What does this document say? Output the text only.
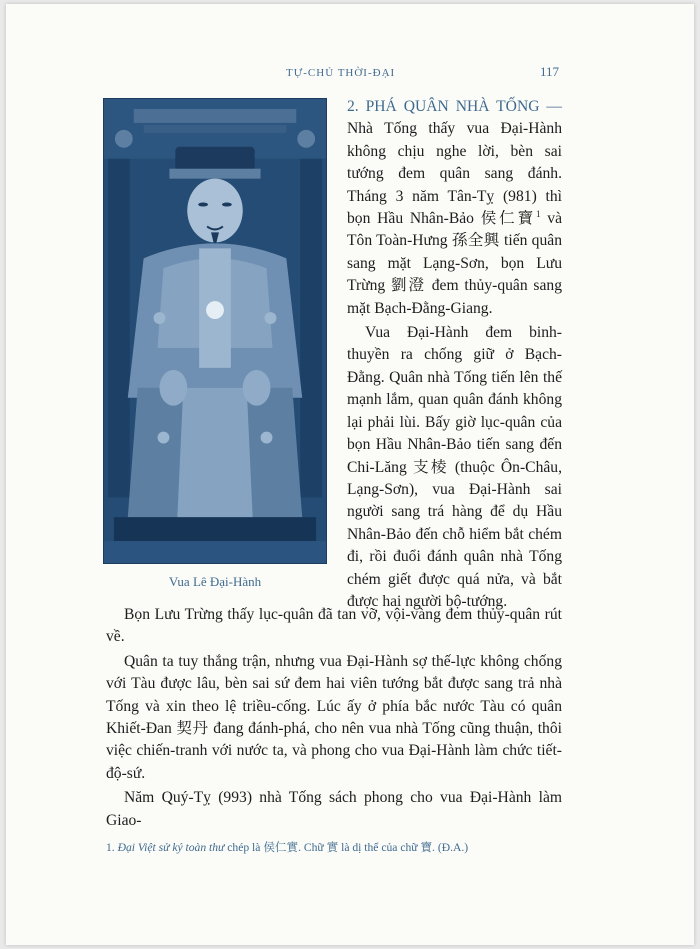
TỰ-CHỦ THỜI-ĐẠI	117
Vua Lê Đại-Hành

2. PHÁ QUÂN NHÀ TỐNG — Nhà Tống thấy vua Đại-Hành không chịu nghe lời, bèn sai tướng đem quân sang đánh. Tháng 3 năm Tân-Tỵ (981) thì bọn Hầu Nhân-Bảo 侯仁寶$^1$ và Tôn Toàn-Hưng 孫全興 tiến quân sang mặt Lạng-Sơn, bọn Lưu Trừng 劉澄 đem thủy-quân sang mặt Bạch-Đằng-Giang.

Vua Đại-Hành đem binh-thuyền ra chống giữ ở Bạch-Đằng. Quân nhà Tống tiến lên thế mạnh lắm, quan quân đánh không lại phải lùi. Bấy giờ lục-quân của bọn Hầu Nhân-Bảo tiến sang đến Chi-Lăng 支棱 (thuộc Ôn-Châu, Lạng-Sơn), vua Đại-Hành sai người sang trá hàng để dụ Hầu Nhân-Bảo đến chỗ hiểm bắt chém đi, rồi đuổi đánh quân nhà Tống chém giết được quá nửa, và bắt được hai người bộ-tướng.

Bọn Lưu Trừng thấy lục-quân đã tan vỡ, vội-vàng đem thủy-quân rút về.

Quân ta tuy thắng trận, nhưng vua Đại-Hành sợ thế-lực không chống với Tàu được lâu, bèn sai sứ đem hai viên tướng bắt được sang trả nhà Tống và xin theo lệ triều-cống. Lúc ấy ở phía bắc nước Tàu có quân Khiết-Đan 契丹 đang đánh-phá, cho nên vua nhà Tống cũng thuận, thôi việc chiến-tranh với nước ta, và phong cho vua Đại-Hành làm chức tiết-độ-sứ.

Năm Quý-Tỵ (993) nhà Tống sách phong cho vua Đại-Hành làm Giao-

1. Đại Việt sử ký toàn thư chép là 侯仁實. Chữ 實 là dị thể của chữ 寶. (Đ.A.)
